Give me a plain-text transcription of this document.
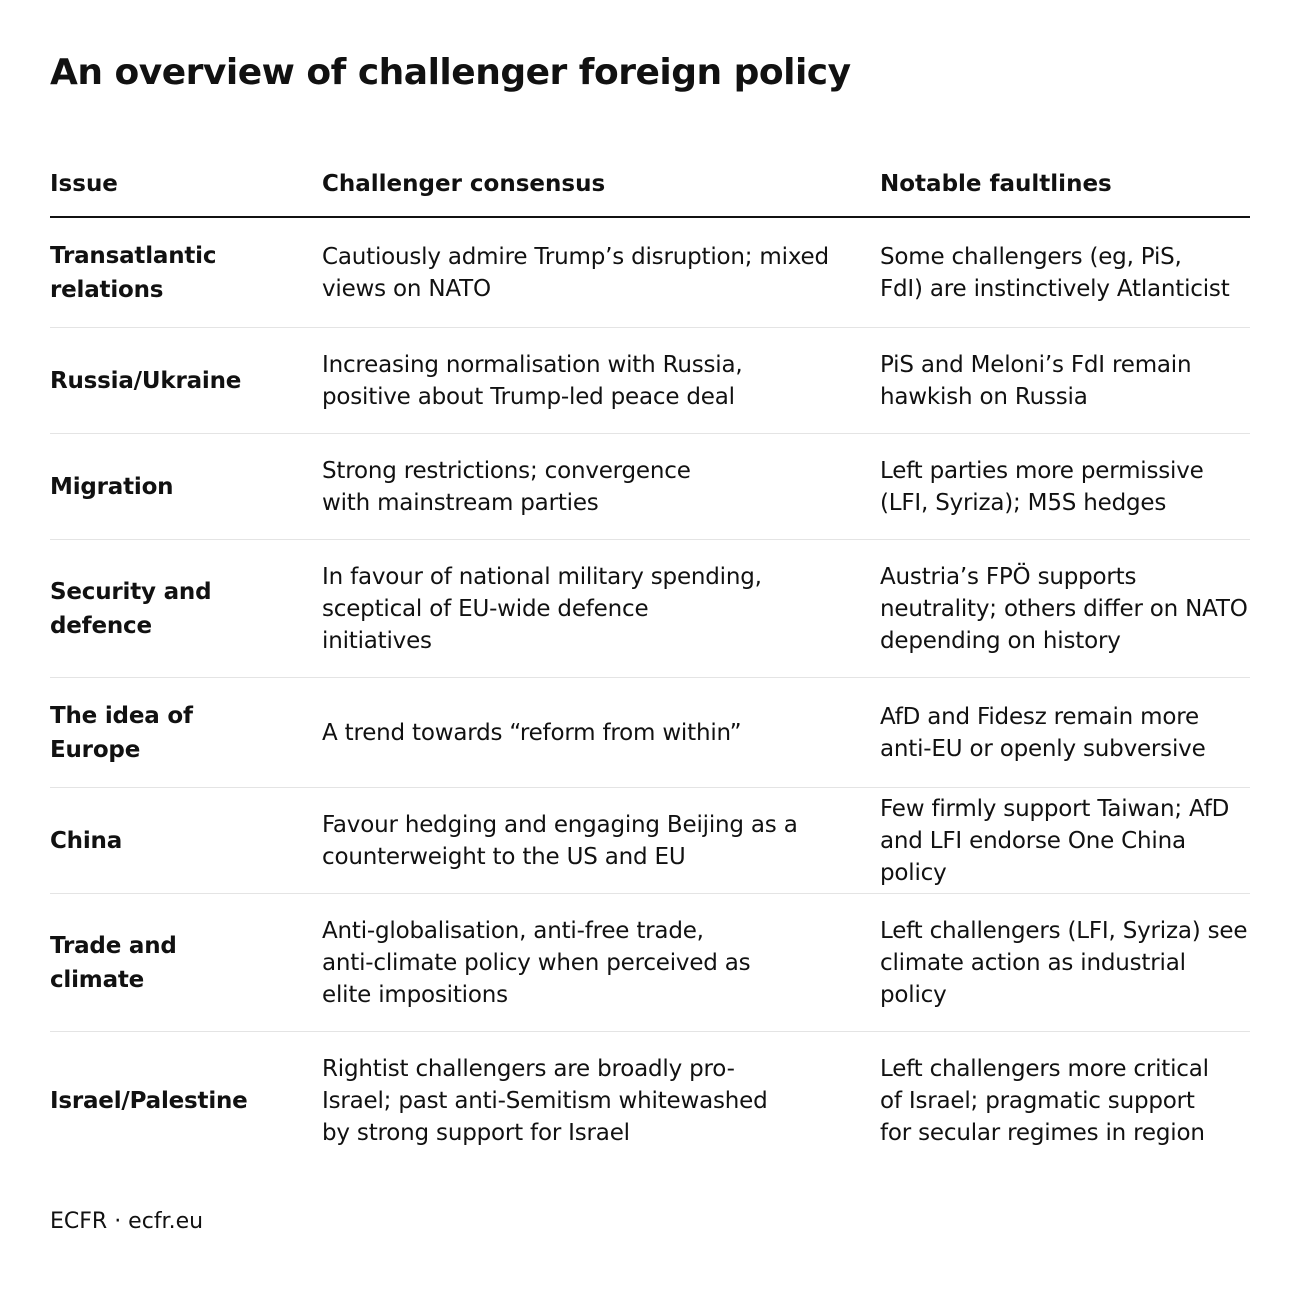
An overview of challenger foreign policy
Issue	Challenger consensus	Notable faultlines
Transatlantic relations
Cautiously admire Trump’s disruption; mixed views on NATO
Some challengers (eg, PiS, FdI) are instinctively Atlanticist
Russia/Ukraine
Increasing normalisation with Russia, positive about Trump-led peace deal
PiS and Meloni’s FdI remain hawkish on Russia
Migration
Strong restrictions; convergence with mainstream parties
Left parties more permissive (LFI, Syriza); M5S hedges
Security and defence
In favour of national military spending, sceptical of EU-wide defence initiatives
Austria’s FPÖ supports neutrality; others differ on NATO depending on history
The idea of Europe
A trend towards “reform from within”
AfD and Fidesz remain more anti-EU or openly subversive
China
Favour hedging and engaging Beijing as a counterweight to the US and EU
Few firmly support Taiwan; AfD and LFI endorse One China policy
Trade and climate
Anti-globalisation, anti-free trade, anti-climate policy when perceived as elite impositions
Left challengers (LFI, Syriza) see climate action as industrial policy
Israel/Palestine
Rightist challengers are broadly pro-Israel; past anti-Semitism whitewashed by strong support for Israel
Left challengers more critical of Israel; pragmatic support for secular regimes in region
ECFR · ecfr.eu
